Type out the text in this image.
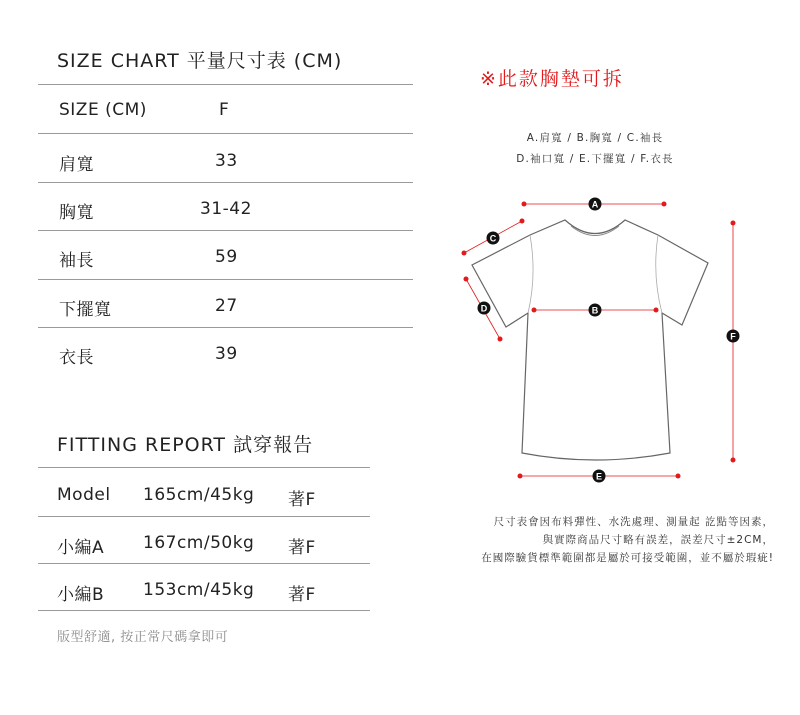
SIZE CHART 平量尺寸表 (CM)
SIZE (CM)	F
肩寬	33
胸寬	31-42
袖長	59
下擺寬	27
衣長	39
FITTING REPORT 試穿報告
Model 165cm/45kg 著F
小編A 167cm/50kg 著F
小編B 153cm/45kg 著F
版型舒適, 按正常尺碼拿即可
※此款胸墊可拆
A.肩寬 / B.胸寬 / C.袖長
D.袖口寬 / E.下擺寬 / F.衣長
A
B
C
D
E
F
尺寸表會因布料彈性、水洗處理、測量起 訖點等因素，
與實際商品尺寸略有誤差，誤差尺寸±2CM，
在國際驗貨標準範圍都是屬於可接受範圍，並不屬於瑕疵!
